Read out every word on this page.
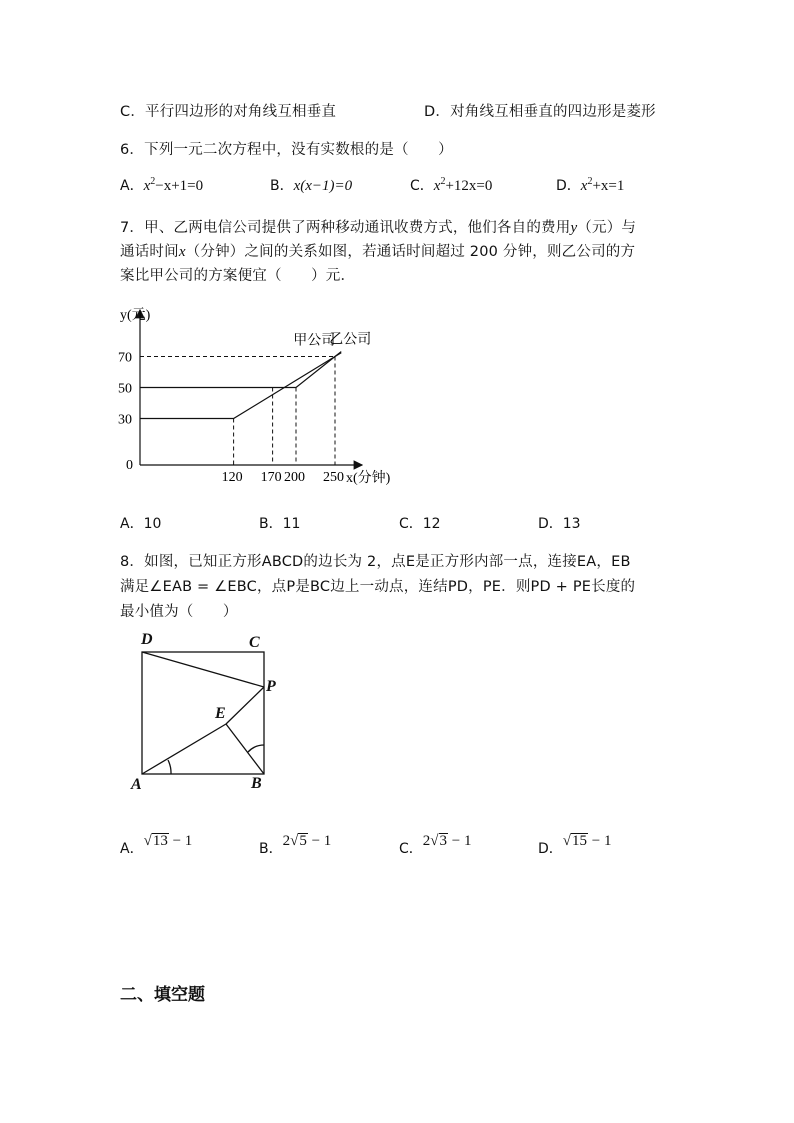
C．平行四边形的对角线互相垂直	D．对角线互相垂直的四边形是菱形
6．下列一元二次方程中，没有实数根的是（　　）
A．$x^2-x+1=0$	B．x(x−1)=0	C．$x^2+12x=0$	D．$x^2+x=1$
7．甲、乙两电信公司提供了两种移动通讯收费方式，他们各自的费用y（元）与
通话时间x（分钟）之间的关系如图，若通话时间超过 200 分钟，则乙公司的方
案比甲公司的方案便宜（　　）元．
y(元)
x(分钟)
0
甲公司
乙公司
30
50
70
120 170 200 250
A．10	B．11	C．12	D．13
8．如图，已知正方形ABCD的边长为 2，点E是正方形内部一点，连接EA，EB
满足∠EAB = ∠EBC，点P是BC边上一动点，连结PD，PE．则PD + PE长度的
最小值为（　　）
D	C
P
E
A	B
A．√13 − 1	B．2√5 − 1	C．2√3 − 1	D．√15 − 1
二、填空题
